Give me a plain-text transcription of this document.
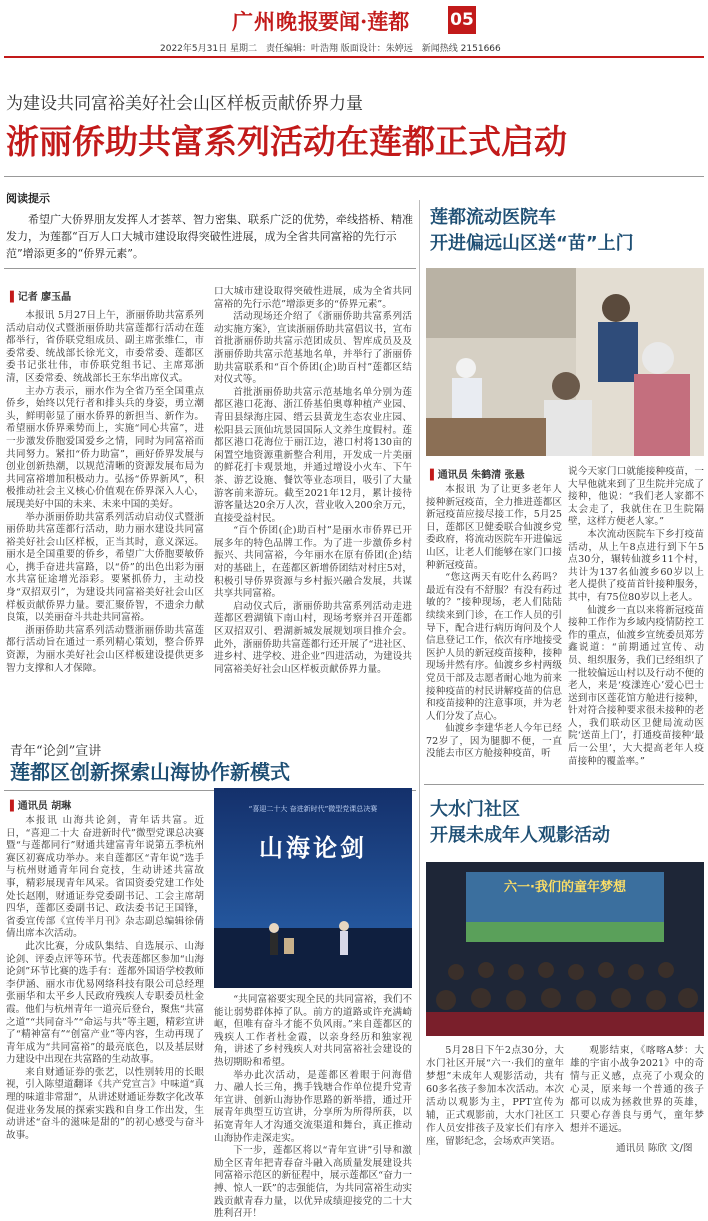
广州晚报
要闻·莲都 05
2022年5月31日 星期二　责任编辑：叶浩翔 版面设计：朱婷远　新闻热线 2151666
为建设共同富裕美好社会山区样板贡献侨界力量
浙丽侨助共富系列活动在莲都正式启动
阅读提示
希望广大侨界朋友发挥人才荟萃、智力密集、联系广泛的优势，牵线搭桥、精准发力，为莲都“百万人口大城市建设取得突破性进展，成为全省共同富裕的先行示范”增添更多的“侨界元素”。
▌记者 廖玉晶

本报讯 5月27日上午，浙丽侨助共富系列活动启动仪式暨浙丽侨助共富莲都行活动在莲都举行，省侨联党组成员、副主席张维仁，市委常委、统战部长徐光文，市委常委、莲都区委书记张壮伟，市侨联党组书记、主席郑浙清，区委常委、统战部长王东华出席仪式。

主办方表示，丽水作为全省乃至全国重点侨乡，始终以凭行者和排头兵的身姿，勇立潮头，鲜明彰显了丽水侨界的新担当、新作为。希望丽水侨界乘势而上，实施“同心共富”，进一步激发侨胞爱国爱乡之情，同时为同富裕而共同努力。紧扣“侨力助富”，画好侨界发展与创业创新热潮，以规范清晰的资源发展布局为共同富裕增加积极动力。弘扬“侨界新风”，积极推动社会主义核心价值观在侨界深入人心，展现美好中国的未来、未来中国的美好。

举办浙丽侨助共富系列活动启动仪式暨浙丽侨助共富莲都行活动，助力丽水建设共同富裕美好社会山区样板，正当其时，意义深远。丽水是全国重要的侨乡，希望广大侨胞要敏侨心，携手奋进共富路，以“侨”的出色出彩为丽水共富征途增光添彩。要紧抓侨力，主动投身“双招双引”，为建设共同富裕美好社会山区样板贡献侨界力量。要汇聚侨智，不遗余力献良策，以美丽奋斗共赴共同富裕。

浙丽侨助共富系列活动暨浙丽侨助共富莲都行活动旨在通过一系列精心策划，整合侨界资源，为丽水美好社会山区样板建设提供更多智力支撑和人才保障。

口大城市建设取得突破性进展，成为全省共同富裕的先行示范”增添更多的“侨界元素”。

活动现场还介绍了《浙丽侨助共富系列活动实施方案》，宣读浙丽侨助共富倡议书，宣布首批浙丽侨助共富示范团成员、智库成员及及浙丽侨助共富示范基地名单，并举行了浙丽侨助共富联系和“百个侨团(企)助百村”莲都区结对仪式等。

首批浙丽侨助共富示范基地名单分别为莲都区港口花海、浙江侨基伯奥尊种植产业园、青田县绿海庄园、缙云县黄龙生态农业庄园、松阳县云顶仙坑景园国际人文养生度假村。莲都区港口花海位于丽江边，港口村将130亩的闲置空地资源重新整合利用，开发成一片美丽的鲜花打卡观景地，并通过增设小火车、下午茶、游艺设施、餐饮等业态项目，吸引了大量游客前来游玩。截至2021年12月，累计接待游客量达20余万人次，营业收入200余万元，直接受益村民。

“百个侨团(企)助百村”是丽水市侨界已开展多年的特色品牌工作。为了进一步激侨乡村振兴、共同富裕，今年丽水在原有侨团(企)结对的基础上，在莲都区新增侨团结对村庄5对，积极引导侨界资源与乡村振兴融合发展，共谋共享共同富裕。

启动仪式后，浙丽侨助共富系列活动走进莲都区碧湖镇下南山村，现场考察并召开莲都区双招双引、碧湖新城发展规划项目推介会。此外，浙丽侨助共富莲都行还开展了“进社区、进乡村、进学校、进企业”四进活动，为建设共同富裕美好社会山区样板贡献侨界力量。

青年“论剑”宣讲
莲都区创新探索山海协作新模式
▌通讯员 胡琳

本报讯 山海共论剑，青年话共富。近日，“喜迎二十大 奋进新时代”微型党课总决赛暨“与莲都同行”财通共建富青年说第五季杭州赛区初赛成功举办。来自莲都区“青年说”选手与杭州财通青年同台竞技，生动讲述共富故事，精彩展现青年风采。省国资委党建工作处处长赵刚，财通证券党委副书记、工会主席胡四华，莲都区委副书记、政法委书记王国锋，省委宣传部《宣传半月刊》杂志副总编辑徐倩倩出席本次活动。

此次比赛，分成队集结、自选展示、山海论剑、评委点评等环节。代表莲都区参加“山海论剑”环节比赛的选手有：莲都外国语学校教师李伊涵、丽水市优易网络科技有限公司总经理张丽华和太平乡人民政府残疾人专职委员杜金霞。他们与杭州青年一道亮后登台，聚焦“共富之道”“共同奋斗”“命运与共”等主题，精彩宣讲了“精神富有”“创富产业”等内容，生动再现了青年成为“共同富裕”的最亮底色，以及基层财力建设中出现在共富路的生动故事。

来自财通证券的张艺，以性别转用的长眼视，引入陈望道翻译《共产党宣言》中味道“真理的味道非常甜”，从讲述财通证券数字化改革促进业务发展的探索实践和自身工作出发，生动讲述“奋斗的滋味是甜的”的初心感受与奋斗故事。

“喜迎二十大 奋进新时代”微型党课总决赛
山海论剑

“共同富裕要实现全民的共同富裕，我们不能让弱势群体掉了队。前方的道路或许充满崎岖，但唯有奋斗才能不负风雨。”来自莲都区的残疾人工作者杜金霞，以亲身经历和独家视角，讲述了乡村残疾人对共同富裕社会建设的热切期盼和希望。

举办此次活动，是莲都区着眼于问海借力、融人长三角，携手钱塘合作单位提升党青年宣讲、创新山海协作思路的新举措，通过开展青年典型互访宣讲，分享所为所得所获，以拓宽青年人才沟通交流渠道和舞台，真正推动山海协作走深走实。

下一步，莲都区将以“青年宣讲”引导和激励全区青年把青春奋斗融入高质量发展建设共同富裕示范区的新征程中，展示莲都区“奋力一搏、惊人一跃”的志强能信，为共同富裕生动实践贡献青春力量，以优异成绩迎接党的二十大胜利召开！

莲都流动医院车
开进偏远山区送“苗”上门
▌通讯员 朱鹤清 张悬

本报讯 为了让更多老年人接种新冠疫苗，全力推进莲都区新冠疫苗应接尽接工作，5月25日，莲都区卫健委联合仙渡乡党委政府，将流动医院车开进偏远山区，让老人们能够在家门口接种新冠疫苗。

“您这两天有吃什么药吗？最近有没有不舒服？有没有药过敏的？”接种现场，老人们陆陆续续来到门诊，在工作人员的引导下，配合进行病历询问及个人信息登记工作，依次有序地接受医护人员的新冠疫苗接种，接种现场井然有序。仙渡乡乡村两级党员干部及志愿者耐心地为前来接种疫苗的村民讲解疫苗的信息和疫苗接种的注意事项，并为老人们分发了点心。

仙渡乡李建华老人今年已经72岁了，因为腿脚不便，一直没能去市区方舱接种疫苗，听

说今天家门口就能接种疫苗，一大早他就来到了卫生院并完成了接种，他说：“我们老人家都不太会走了，我就住在卫生院隔壁，这样方便老人家。”

本次流动医院车下乡打疫苗活动，从上午8点进行到下午5点30分，辗转仙渡乡11个村，共计为137名仙渡乡60岁以上老人提供了疫苗首针接种服务，其中，有75位80岁以上老人。

仙渡乡一直以来将新冠疫苗接种工作作为乡域内疫情防控工作的重点，仙渡乡宣统委员郑芳鑫说道：“前期通过宣传、动员、组织服务，我们已经组织了一批较偏远山村以及行动不便的老人，来是‘疫漾连心’爱心巴士送到市区莲花馆方舱进行接种，针对符合接种要求很未接种的老人，我们联动区卫健局流动医院‘送苗上门’，打通疫苗接种‘最后一公里’，大大提高老年人疫苗接种的覆盖率。”

大水门社区
开展未成年人观影活动
六一·我们的童年梦想

5月28日下午2点30分，大水门社区开展“六一·我们的童年梦想”未成年人观影活动，共有60多名孩子参加本次活动。本次活动以观影为主，PPT宣传为辅，正式观影前，大水门社区工作人员安排孩子及家长们有序入座，留影纪念，会场欢声笑语。

观影结束，《喀喀A梦：大雄的宇宙小战争2021》中的奇情与正义感，点亮了小观众的心灵，原来每一个普通的孩子都可以成为拯救世界的英雄，只要心存善良与勇气，童年梦想并不遥远。

通讯员 陈欣 文/图
